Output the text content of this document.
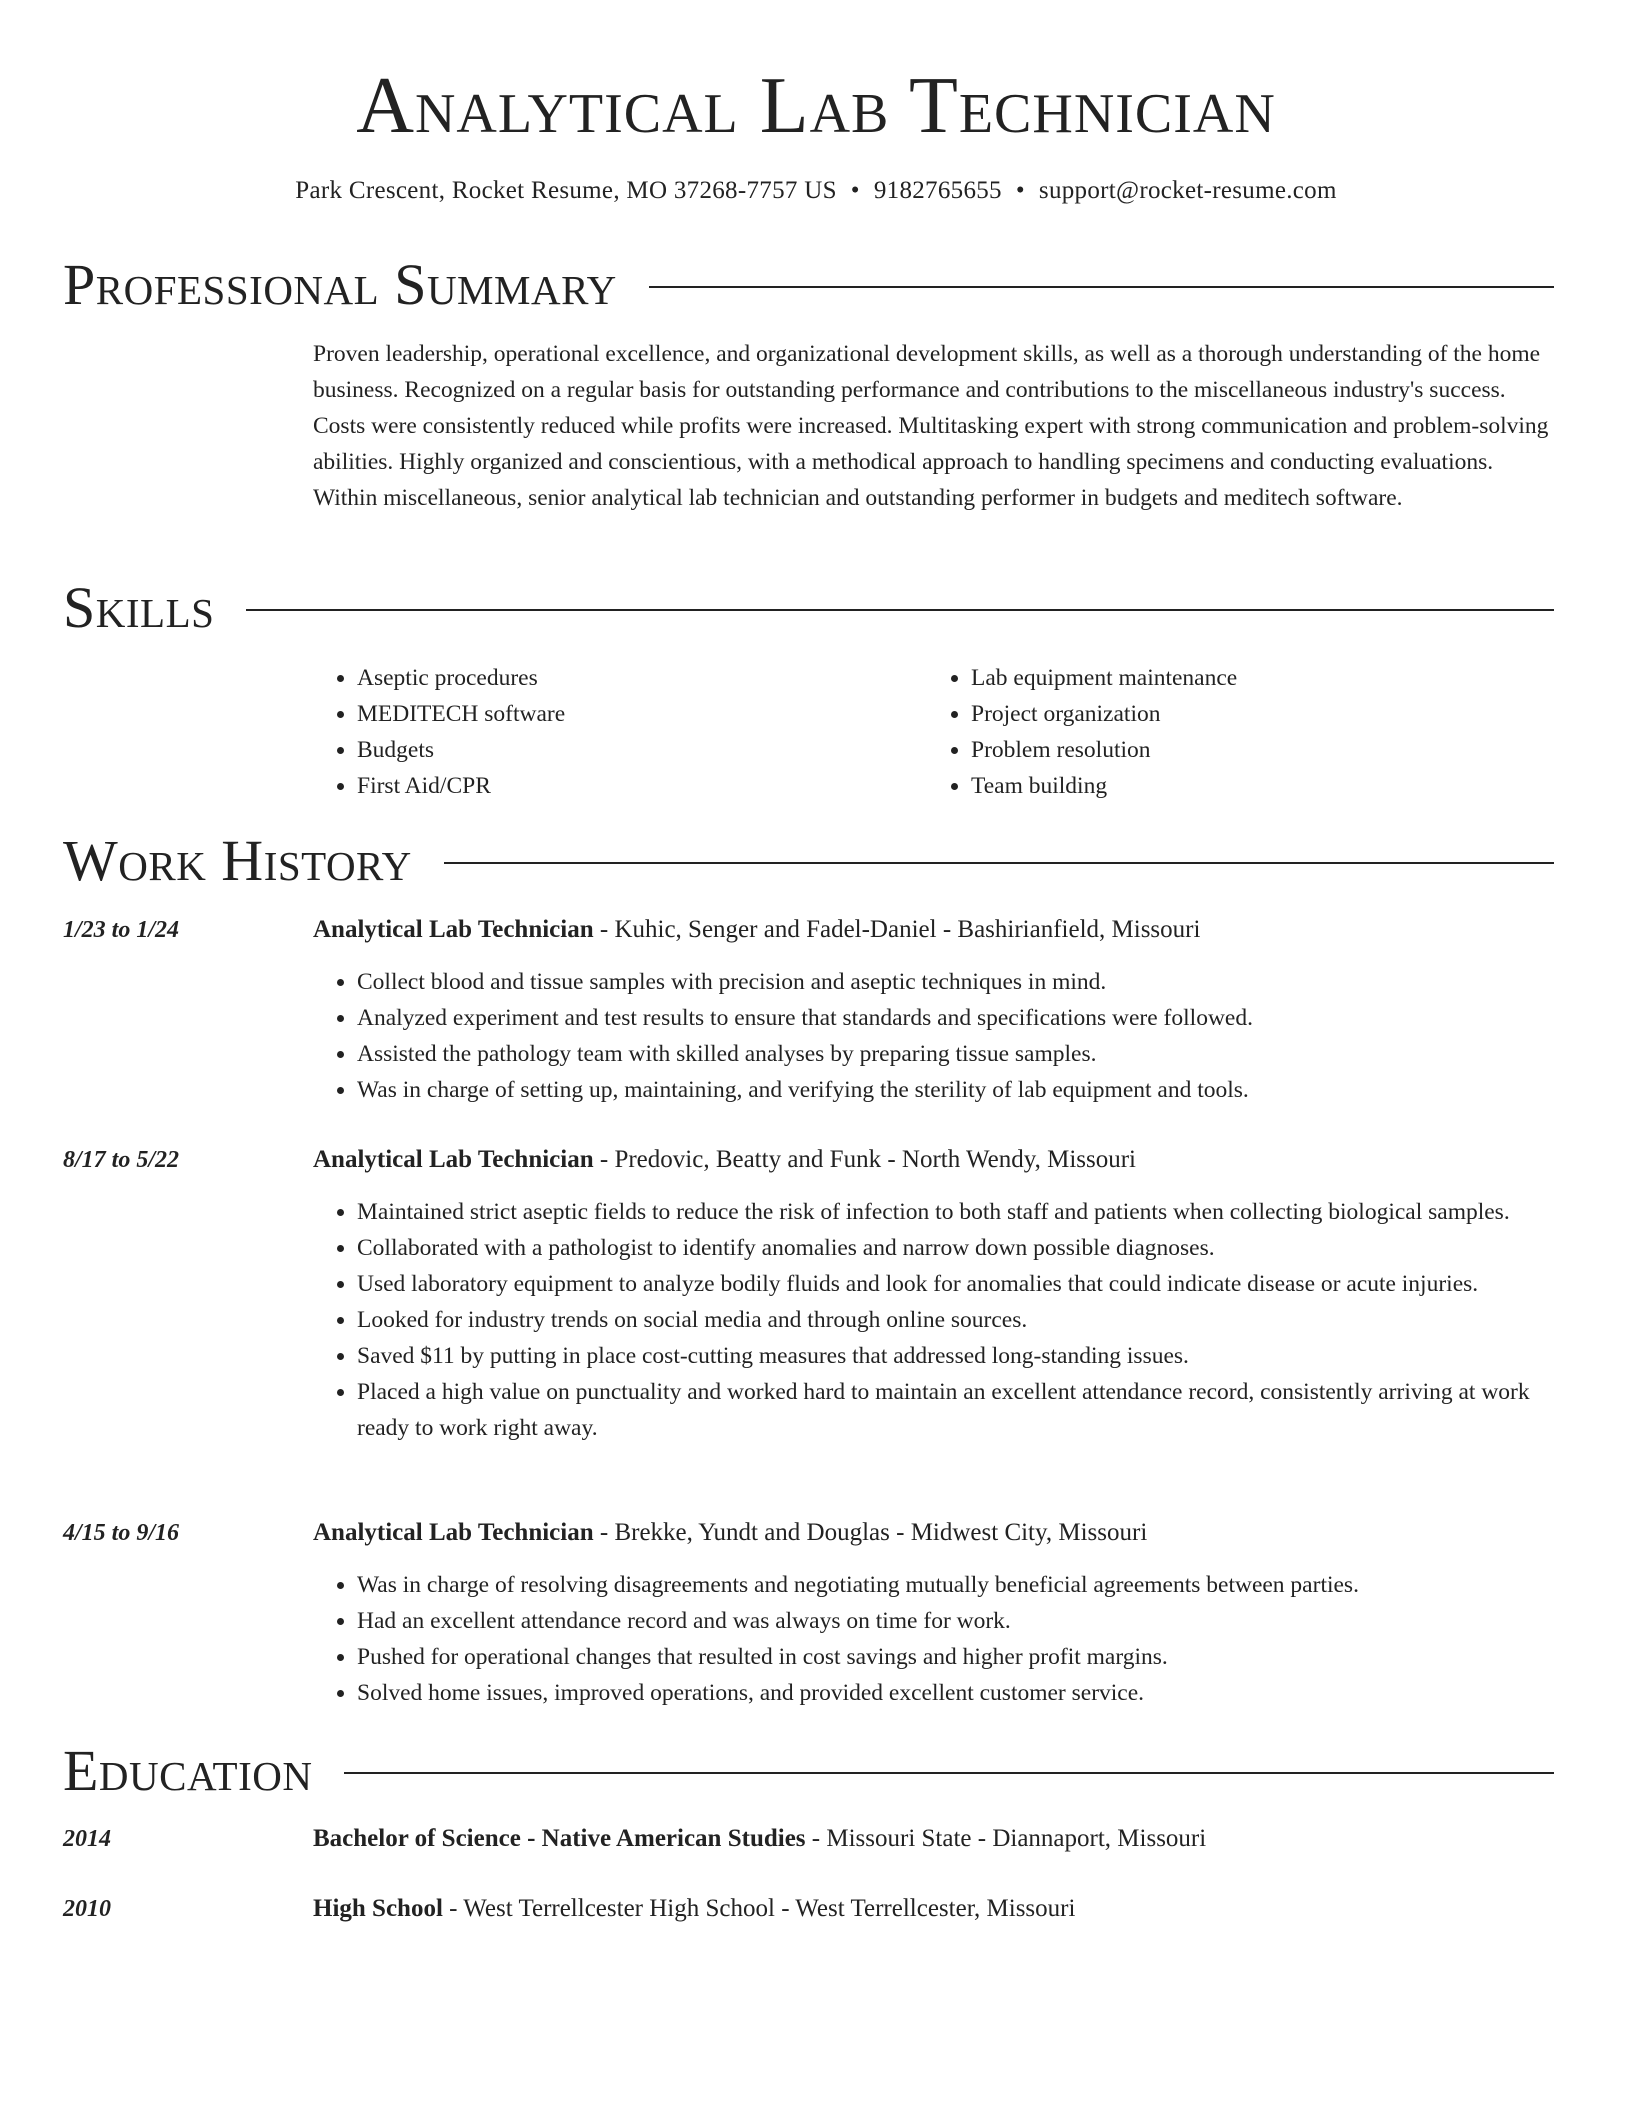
Analytical Lab Technician
Park Crescent, Rocket Resume, MO 37268-7757 US • 9182765655 • support@rocket-resume.com
Professional Summary

Proven leadership, operational excellence, and organizational development skills, as well as a thorough understanding of the home business. Recognized on a regular basis for outstanding performance and contributions to the miscellaneous industry's success. Costs were consistently reduced while profits were increased. Multitasking expert with strong communication and problem-solving abilities. Highly organized and conscientious, with a methodical approach to handling specimens and conducting evaluations. Within miscellaneous, senior analytical lab technician and outstanding performer in budgets and meditech software.

Skills
• Aseptic procedures
• MEDITECH software
• Budgets
• First Aid/CPR
• Lab equipment maintenance
• Project organization
• Problem resolution
• Team building
Work History
1/23 to 1/24	Analytical Lab Technician - Kuhic, Senger and Fadel-Daniel - Bashirianfield, Missouri
• Collect blood and tissue samples with precision and aseptic techniques in mind.
• Analyzed experiment and test results to ensure that standards and specifications were followed.
• Assisted the pathology team with skilled analyses by preparing tissue samples.
• Was in charge of setting up, maintaining, and verifying the sterility of lab equipment and tools.
8/17 to 5/22	Analytical Lab Technician - Predovic, Beatty and Funk - North Wendy, Missouri
• Maintained strict aseptic fields to reduce the risk of infection to both staff and patients when collecting biological samples.
• Collaborated with a pathologist to identify anomalies and narrow down possible diagnoses.
• Used laboratory equipment to analyze bodily fluids and look for anomalies that could indicate disease or acute injuries.
• Looked for industry trends on social media and through online sources.
• Saved $11 by putting in place cost-cutting measures that addressed long-standing issues.
• Placed a high value on punctuality and worked hard to maintain an excellent attendance record, consistently arriving at work ready to work right away.
4/15 to 9/16	Analytical Lab Technician - Brekke, Yundt and Douglas - Midwest City, Missouri
• Was in charge of resolving disagreements and negotiating mutually beneficial agreements between parties.
• Had an excellent attendance record and was always on time for work.
• Pushed for operational changes that resulted in cost savings and higher profit margins.
• Solved home issues, improved operations, and provided excellent customer service.
Education
2014	Bachelor of Science - Native American Studies - Missouri State - Diannaport, Missouri
2010	High School - West Terrellcester High School - West Terrellcester, Missouri
